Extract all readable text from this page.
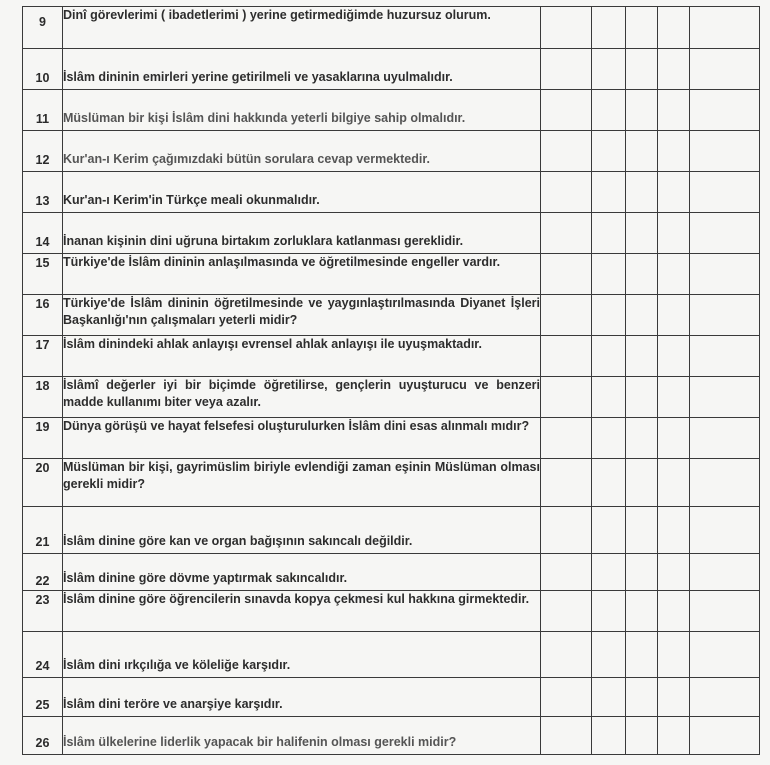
9	Dinî görevlerimi ( ibadetlerimi ) yerine getirmediğimde huzursuz olurum.					
10	İslâm dininin emirleri yerine getirilmeli ve yasaklarına uyulmalıdır.					
11	Müslüman bir kişi İslâm dini hakkında yeterli bilgiye sahip olmalıdır.					
12	Kur'an-ı Kerim çağımızdaki bütün sorulara cevap vermektedir.					
13	Kur'an-ı Kerim'in Türkçe meali okunmalıdır.					
14	İnanan kişinin dini uğruna birtakım zorluklara katlanması gereklidir.					
15	Türkiye'de İslâm dininin anlaşılmasında ve öğretilmesinde engeller vardır.					
16	Türkiye'de İslâm dininin öğretilmesinde ve yaygınlaştırılmasında Diyanet İşleri Başkanlığı'nın çalışmaları yeterli midir?					
17	İslâm dinindeki ahlak anlayışı evrensel ahlak anlayışı ile uyuşmaktadır.					
18	İslâmî değerler iyi bir biçimde öğretilirse, gençlerin uyuşturucu ve benzeri madde kullanımı biter veya azalır.					
19	Dünya görüşü ve hayat felsefesi oluşturulurken İslâm dini esas alınmalı mıdır?					
20	Müslüman bir kişi, gayrimüslim biriyle evlendiği zaman eşinin Müslüman olması gerekli midir?					
21	İslâm dinine göre kan ve organ bağışının sakıncalı değildir.					
22	İslâm dinine göre dövme yaptırmak sakıncalıdır.					
23	İslâm dinine göre öğrencilerin sınavda kopya çekmesi kul hakkına girmektedir.					
24	İslâm dini ırkçılığa ve köleliğe karşıdır.					
25	İslâm dini teröre ve anarşiye karşıdır.					
26	İslâm ülkelerine liderlik yapacak bir halifenin olması gerekli midir?					
